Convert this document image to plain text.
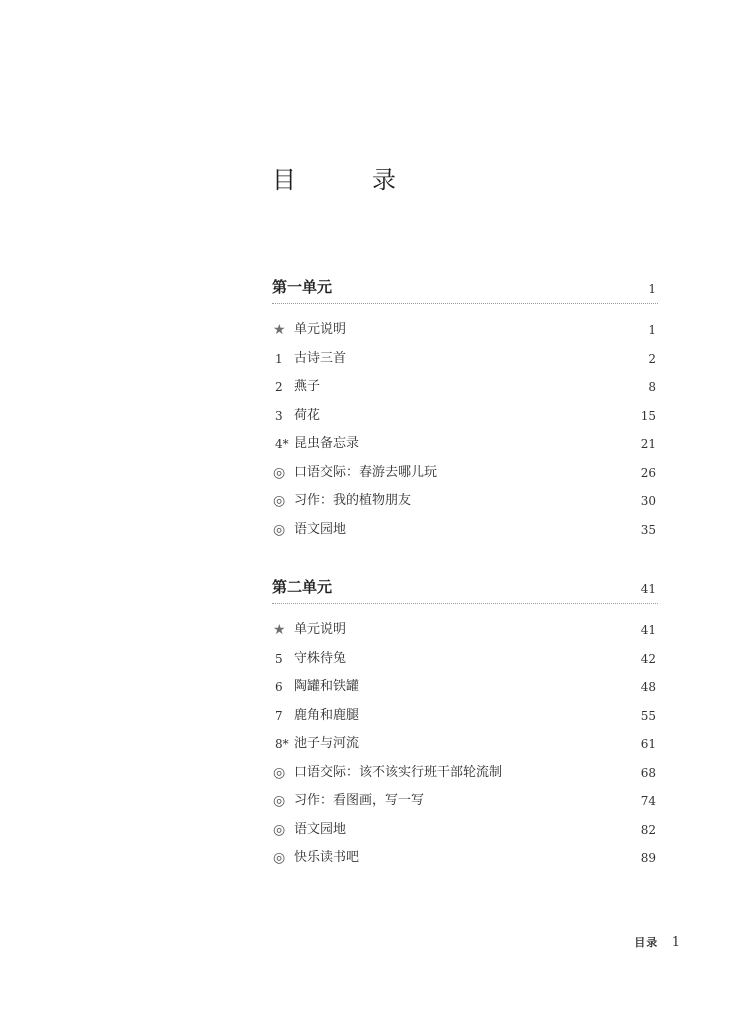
目　录
第一单元	1
★ 单元说明	1
1 古诗三首	2
2 燕子	8
3 荷花	15
4* 昆虫备忘录	21
◎ 口语交际：春游去哪儿玩	26
◎ 习作：我的植物朋友	30
◎ 语文园地	35
第二单元	41
★ 单元说明	41
5 守株待兔	42
6 陶罐和铁罐	48
7 鹿角和鹿腿	55
8* 池子与河流	61
◎ 口语交际：该不该实行班干部轮流制	68
◎ 习作：看图画，写一写	74
◎ 语文园地	82
◎ 快乐读书吧	89
目录 1
